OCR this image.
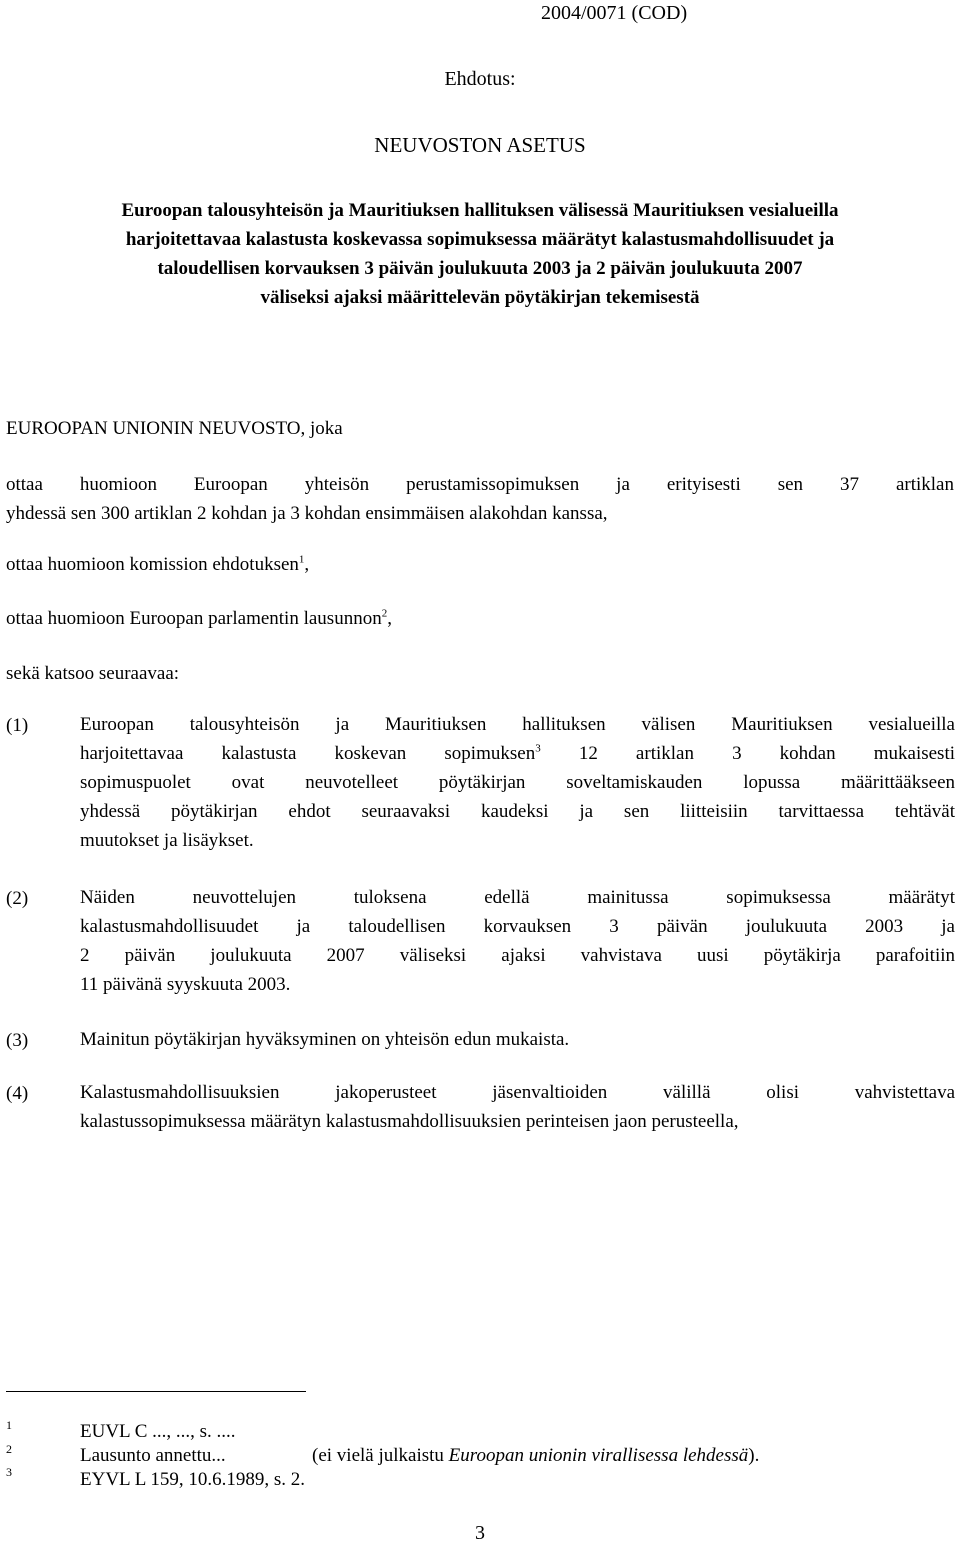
2004/0071 (COD)
Ehdotus:
NEUVOSTON ASETUS
Euroopan talousyhteisön ja Mauritiuksen hallituksen välisessä Mauritiuksen vesialueilla
harjoitettavaa kalastusta koskevassa sopimuksessa määrätyt kalastusmahdollisuudet ja
taloudellisen korvauksen 3 päivän joulukuuta 2003 ja 2 päivän joulukuuta 2007
väliseksi ajaksi määrittelevän pöytäkirjan tekemisestä
EUROOPAN UNIONIN NEUVOSTO, joka
ottaa huomioon Euroopan yhteisön perustamissopimuksen ja erityisesti sen 37 artiklan
yhdessä sen 300 artiklan 2 kohdan ja 3 kohdan ensimmäisen alakohdan kanssa,
ottaa huomioon komission ehdotuksen$^1$,
ottaa huomioon Euroopan parlamentin lausunnon$^2$,
sekä katsoo seuraavaa:
(1)	Euroopan talousyhteisön ja Mauritiuksen hallituksen välisen Mauritiuksen vesialueilla
harjoitettavaa kalastusta koskevan sopimuksen$^3$ 12 artiklan 3 kohdan mukaisesti
sopimuspuolet ovat neuvotelleet pöytäkirjan soveltamiskauden lopussa määrittääkseen
yhdessä pöytäkirjan ehdot seuraavaksi kaudeksi ja sen liitteisiin tarvittaessa tehtävät
muutokset ja lisäykset.
(2)	Näiden neuvottelujen tuloksena edellä mainitussa sopimuksessa määrätyt
kalastusmahdollisuudet ja taloudellisen korvauksen 3 päivän joulukuuta 2003 ja
2 päivän joulukuuta 2007 väliseksi ajaksi vahvistava uusi pöytäkirja parafoitiin
11 päivänä syyskuuta 2003.
(3)	Mainitun pöytäkirjan hyväksyminen on yhteisön edun mukaista.
(4)	Kalastusmahdollisuuksien jakoperusteet jäsenvaltioiden välillä olisi vahvistettava
kalastussopimuksessa määrätyn kalastusmahdollisuuksien perinteisen jaon perusteella,
1	EUVL C ..., ..., s. ....
2	Lausunto annettu...	(ei vielä julkaistu Euroopan unionin virallisessa lehdessä).
3	EYVL L 159, 10.6.1989, s. 2.
3
